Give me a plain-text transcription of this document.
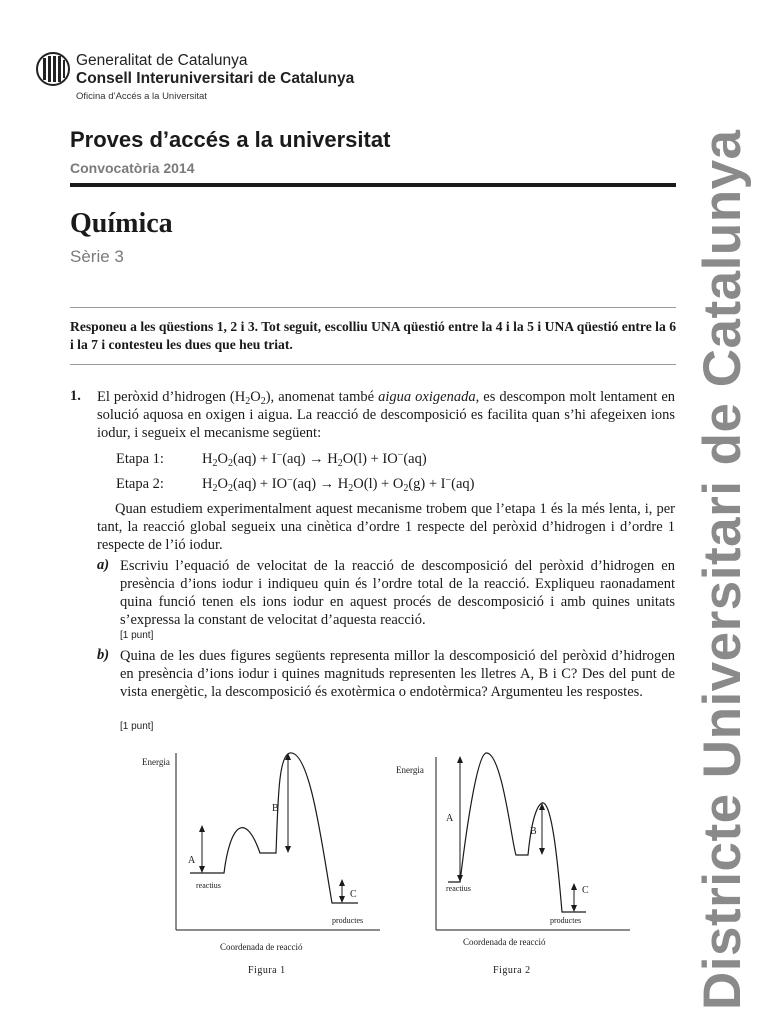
Generalitat de Catalunya
Consell Interuniversitari de Catalunya
Oficina d’Accés a la Universitat
Proves d’accés a la universitat
Convocatòria 2014
Química
Sèrie 3
Responeu a les qüestions 1, 2 i 3. Tot seguit, escolliu UNA qüestió entre la 4 i la 5 i UNA qüestió entre la 6 i la 7 i contesteu les dues que heu triat.
1. El peròxid d’hidrogen $(H_2O_2)$, anomenat també aigua oxigenada, es descompon molt lentament en solució aquosa en oxigen i aigua. La reacció de descomposició es facilita quan s’hi afegeixen ions iodur, i segueix el mecanisme següent:
Etapa 1:	$H_2O_2(aq) + I^-(aq) \to H_2O(l) + IO^-(aq)$
Etapa 2:	$H_2O_2(aq) + IO^-(aq) \to H_2O(l) + O_2(g) + I^-(aq)$
Quan estudiem experimentalment aquest mecanisme trobem que l’etapa 1 és la més lenta, i, per tant, la reacció global segueix una cinètica d’ordre 1 respecte del peròxid d’hidrogen i d’ordre 1 respecte de l’ió iodur.
a) Escriviu l’equació de velocitat de la reacció de descomposició del peròxid d’hidrogen en presència d’ions iodur i indiqueu quin és l’ordre total de la reacció. Expliqueu raonadament quina funció tenen els ions iodur en aquest procés de descomposició i amb quines unitats s’expressa la constant de velocitat d’aquesta reacció.
[1 punt]
b) Quina de les dues figures següents representa millor la descomposició del peròxid d’hidrogen en presència d’ions iodur i quines magnituds representen les lletres A, B i C? Des del punt de vista energètic, la descomposició és exotèrmica o endotèrmica? Argumenteu les respostes.
[1 punt]
Energia
A
B
C
reactius
productes
Coordenada de reacció
Figura 1
Energia
A
B
C
reactius
productes
Coordenada de reacció
Figura 2	Districte Universitari de Catalunya
